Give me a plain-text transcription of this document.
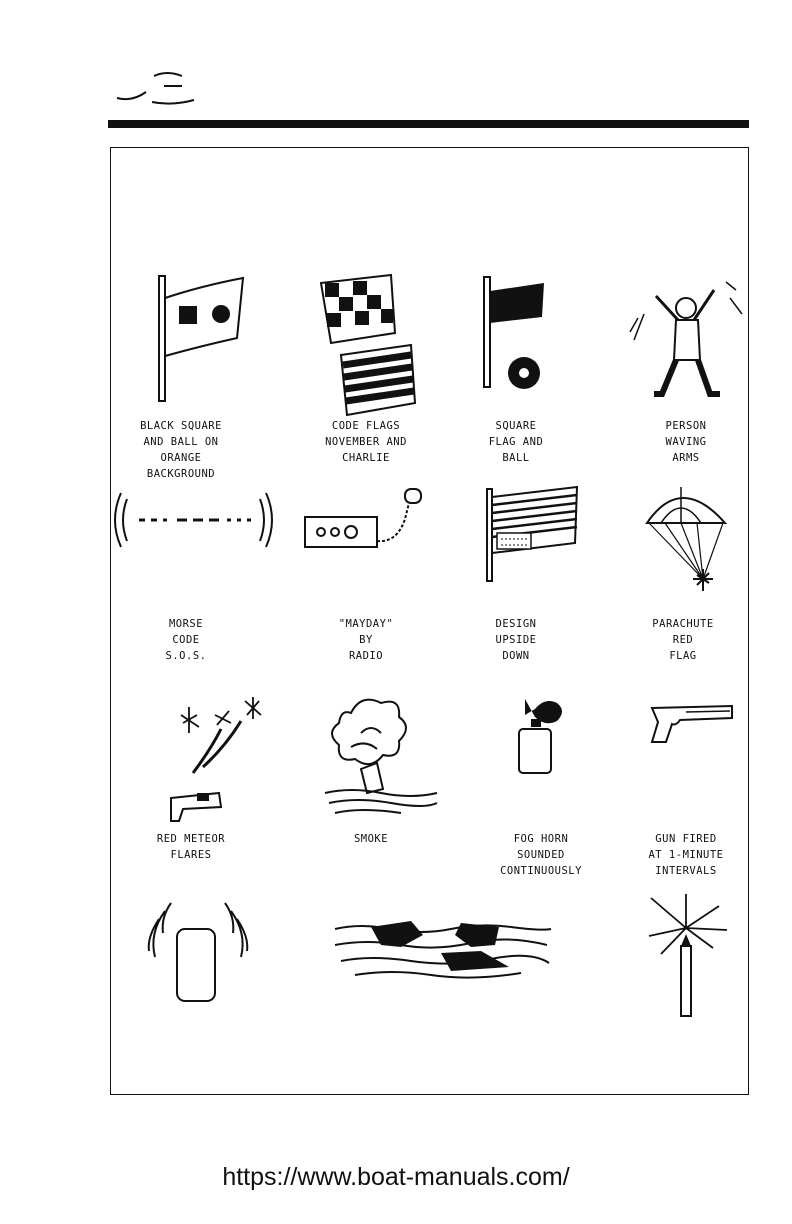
BLACK SQUARE
AND BALL ON
ORANGE
BACKGROUND
CODE FLAGS
NOVEMBER AND
CHARLIE
SQUARE
FLAG AND
BALL
PERSON
WAVING
ARMS
MORSE
CODE
S.O.S.
"MAYDAY"
BY
RADIO
DESIGN
UPSIDE
DOWN
PARACHUTE
RED
FLAG
RED METEOR
FLARES
SMOKE	FOG HORN
SOUNDED
CONTINUOUSLY
GUN FIRED
AT 1-MINUTE
INTERVALS
https://www.boat-manuals.com/
